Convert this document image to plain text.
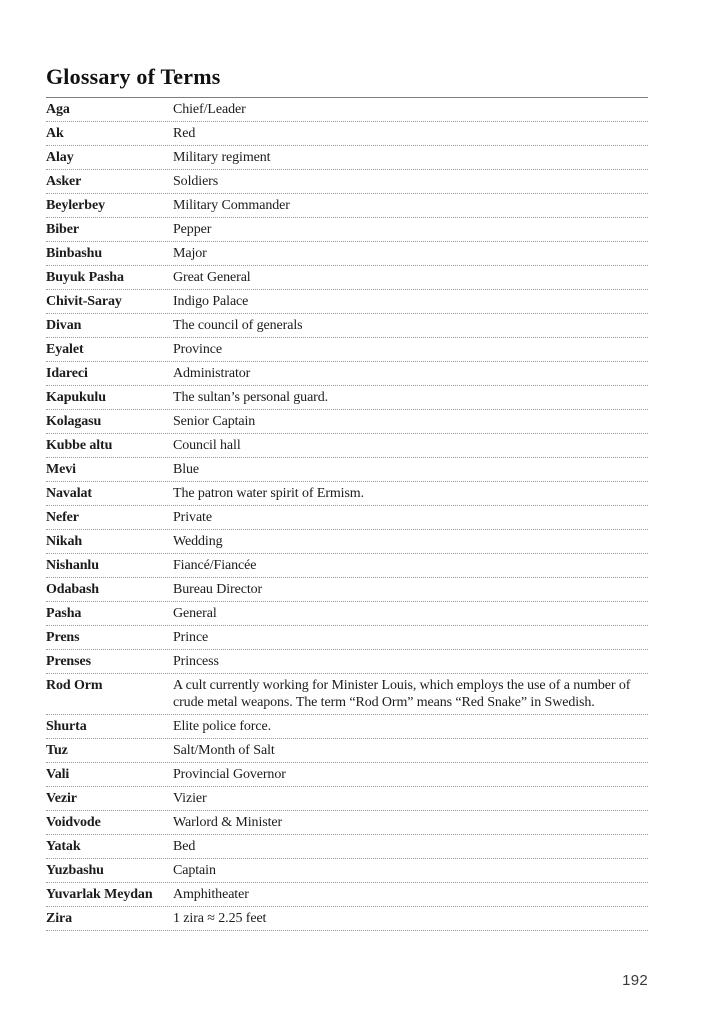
Glossary of Terms
Aga	Chief/Leader
Ak	Red
Alay	Military regiment
Asker	Soldiers
Beylerbey	Military Commander
Biber	Pepper
Binbashu	Major
Buyuk Pasha	Great General
Chivit-Saray	Indigo Palace
Divan	The council of generals
Eyalet	Province
Idareci	Administrator
Kapukulu	The sultan’s personal guard.
Kolagasu	Senior Captain
Kubbe altu	Council hall
Mevi	Blue
Navalat	The patron water spirit of Ermism.
Nefer	Private
Nikah	Wedding
Nishanlu	Fiancé/Fiancée
Odabash	Bureau Director
Pasha	General
Prens	Prince
Prenses	Princess
Rod Orm	A cult currently working for Minister Louis, which employs the use of a number of crude metal weapons. The term “Rod Orm” means “Red Snake” in Swedish.
Shurta	Elite police force.
Tuz	Salt/Month of Salt
Vali	Provincial Governor
Vezir	Vizier
Voidvode	Warlord & Minister
Yatak	Bed
Yuzbashu	Captain
Yuvarlak Meydan	Amphitheater
Zira	1 zira ≈ 2.25 feet
192
